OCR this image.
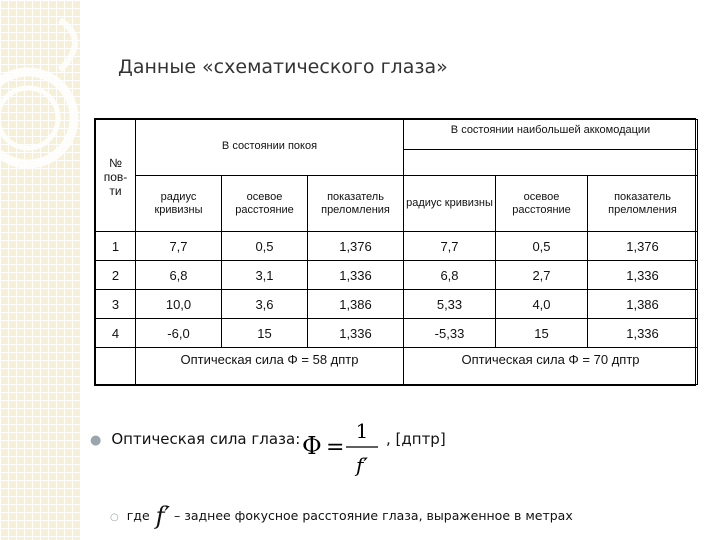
Данные «схематического глаза»
№
пов-
ти	В состоянии покоя			В состоянии наибольшей аккомодации		

	радиус кривизны	осевое расстояние	показатель преломления	радиус кривизны	осевое расстояние	показатель преломления
1	7,7	0,5	1,376	7,7	0,5	1,376
2	6,8	3,1	1,336	6,8	2,7	1,336
3	10,0	3,6	1,386	5,33	4,0	1,386
4	-6,0	15	1,336	-5,33	15	1,336
	Оптическая сила Φ = 58 дптр			Оптическая сила Φ = 70 дптр		
● Оптическая сила глаза: Φ =
1
f′
, [дптр]
○ где f′ – заднее фокусное расстояние глаза, выраженное в метрах
